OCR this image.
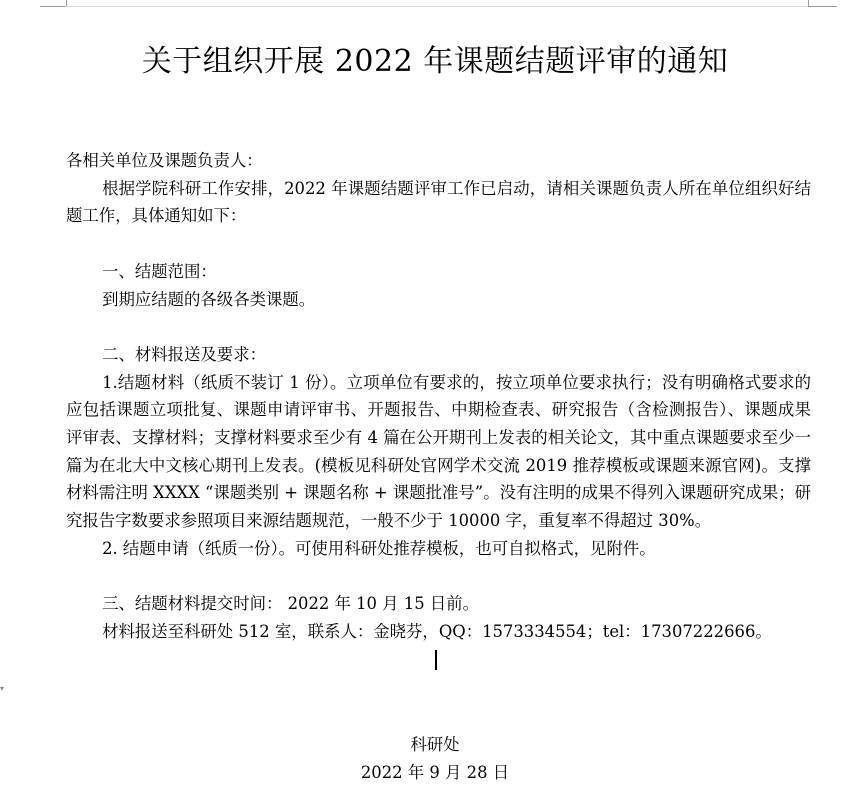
▾
关于组织开展 2022 年课题结题评审的通知

各相关单位及课题负责人：

根据学院科研工作安排，2022 年课题结题评审工作已启动，请相关课题负责人所在单位组织好结题工作，具体通知如下：

一、结题范围：

到期应结题的各级各类课题。

二、材料报送及要求：

1.结题材料（纸质不装订 1 份）。立项单位有要求的，按立项单位要求执行；没有明确格式要求的应包括课题立项批复、课题申请评审书、开题报告、中期检查表、研究报告（含检测报告）、课题成果评审表、支撑材料；支撑材料要求至少有 4 篇在公开期刊上发表的相关论文，其中重点课题要求至少一篇为在北大中文核心期刊上发表。(模板见科研处官网学术交流 2019 推荐模板或课题来源官网)。支撑材料需注明 XXXX “课题类别 + 课题名称 + 课题批准号”。没有注明的成果不得列入课题研究成果；研究报告字数要求参照项目来源结题规范，一般不少于 10000 字，重复率不得超过 30%。

2. 结题申请（纸质一份）。可使用科研处推荐模板，也可自拟格式，见附件。

三、结题材料提交时间： 2022 年 10 月 15 日前。

材料报送至科研处 512 室，联系人：金晓芬，QQ：1573334554；tel：17307222666。

科研处
2022 年 9 月 28 日
